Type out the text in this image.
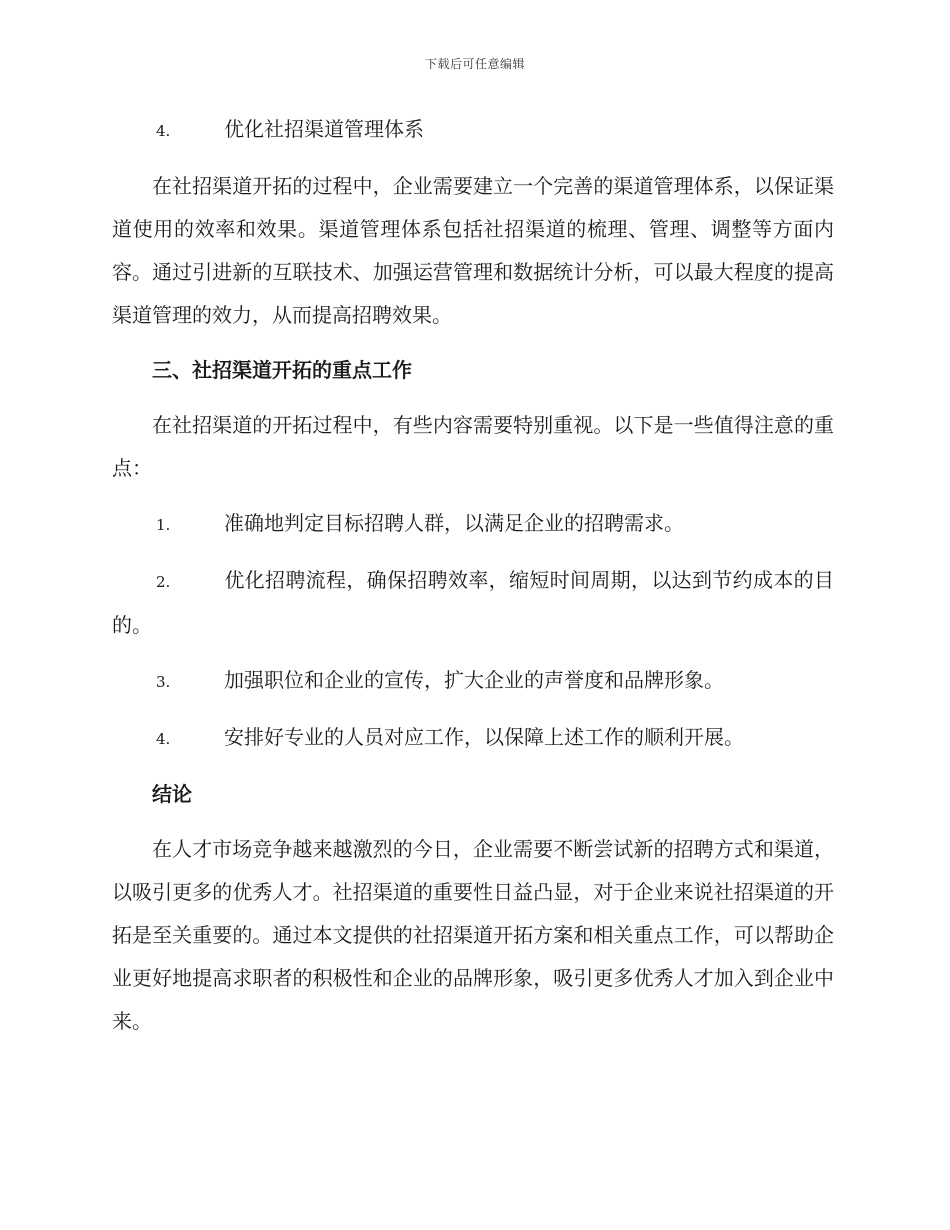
下载后可任意编辑

4.	优化社招渠道管理体系

在社招渠道开拓的过程中，企业需要建立一个完善的渠道管理体系，以保证渠道使用的效率和效果。渠道管理体系包括社招渠道的梳理、管理、调整等方面内容。通过引进新的互联技术、加强运营管理和数据统计分析，可以最大程度的提高渠道管理的效力，从而提高招聘效果。

三、社招渠道开拓的重点工作

在社招渠道的开拓过程中，有些内容需要特别重视。以下是一些值得注意的重点：

1.	准确地判定目标招聘人群，以满足企业的招聘需求。

2.	优化招聘流程，确保招聘效率，缩短时间周期，以达到节约成本的目的。

3.	加强职位和企业的宣传，扩大企业的声誉度和品牌形象。

4.	安排好专业的人员对应工作，以保障上述工作的顺利开展。

结论

在人才市场竞争越来越激烈的今日，企业需要不断尝试新的招聘方式和渠道，以吸引更多的优秀人才。社招渠道的重要性日益凸显，对于企业来说社招渠道的开拓是至关重要的。通过本文提供的社招渠道开拓方案和相关重点工作，可以帮助企业更好地提高求职者的积极性和企业的品牌形象，吸引更多优秀人才加入到企业中来。
